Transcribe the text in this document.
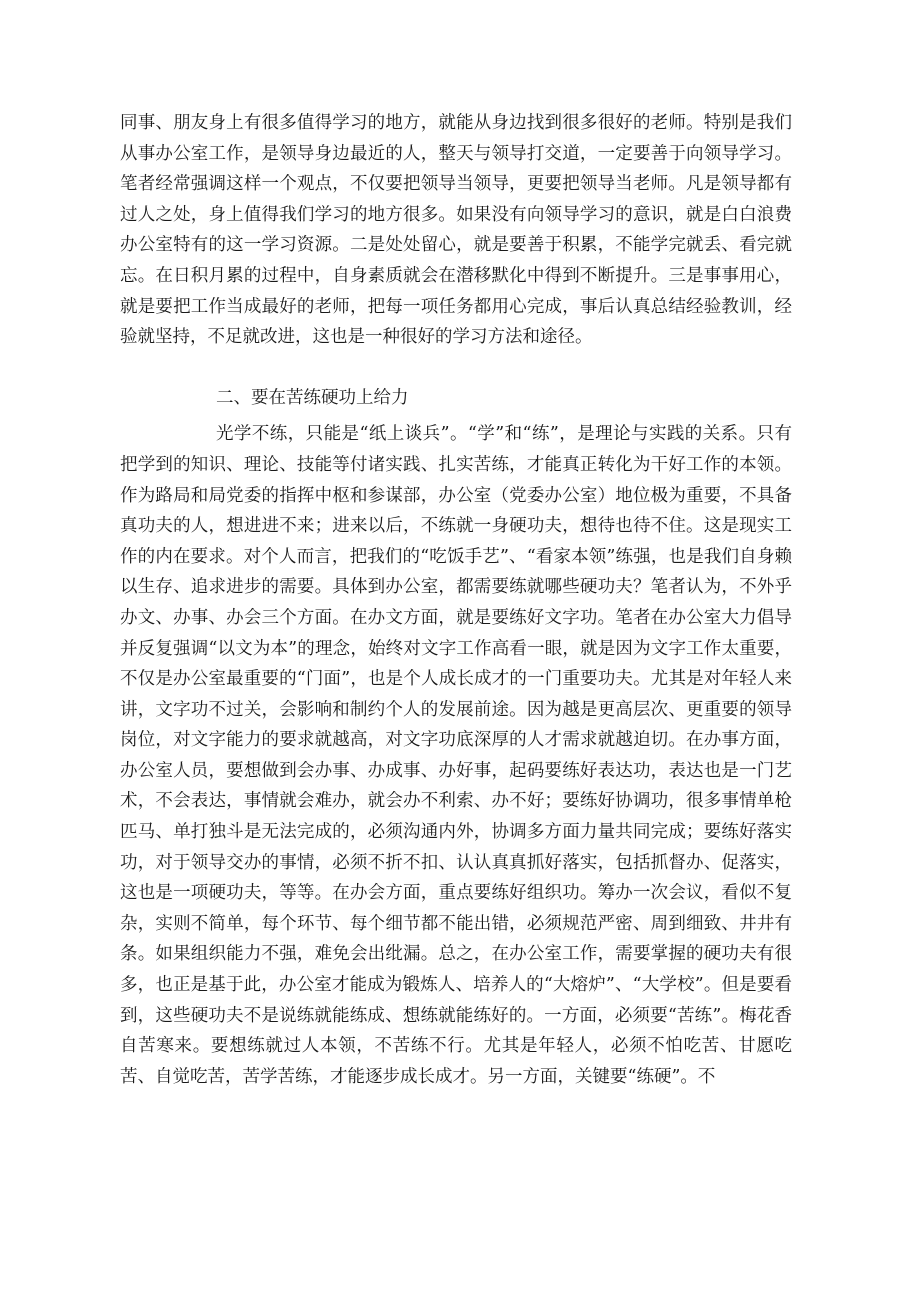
同事、朋友身上有很多值得学习的地方，就能从身边找到很多很好的老师。特别是我们从事办公室工作，是领导身边最近的人，整天与领导打交道，一定要善于向领导学习。笔者经常强调这样一个观点，不仅要把领导当领导，更要把领导当老师。凡是领导都有过人之处，身上值得我们学习的地方很多。如果没有向领导学习的意识，就是白白浪费办公室特有的这一学习资源。二是处处留心，就是要善于积累，不能学完就丢、看完就忘。在日积月累的过程中，自身素质就会在潜移默化中得到不断提升。三是事事用心，就是要把工作当成最好的老师，把每一项任务都用心完成，事后认真总结经验教训，经验就坚持，不足就改进，这也是一种很好的学习方法和途径。

二、要在苦练硬功上给力

光学不练，只能是“纸上谈兵”。“学”和“练”，是理论与实践的关系。只有把学到的知识、理论、技能等付诸实践、扎实苦练，才能真正转化为干好工作的本领。作为路局和局党委的指挥中枢和参谋部，办公室（党委办公室）地位极为重要，不具备真功夫的人，想进进不来；进来以后，不练就一身硬功夫，想待也待不住。这是现实工作的内在要求。对个人而言，把我们的“吃饭手艺”、“看家本领”练强，也是我们自身赖以生存、追求进步的需要。具体到办公室，都需要练就哪些硬功夫？笔者认为，不外乎办文、办事、办会三个方面。在办文方面，就是要练好文字功。笔者在办公室大力倡导并反复强调“以文为本”的理念，始终对文字工作高看一眼，就是因为文字工作太重要，不仅是办公室最重要的“门面”，也是个人成长成才的一门重要功夫。尤其是对年轻人来讲，文字功不过关，会影响和制约个人的发展前途。因为越是更高层次、更重要的领导岗位，对文字能力的要求就越高，对文字功底深厚的人才需求就越迫切。在办事方面，办公室人员，要想做到会办事、办成事、办好事，起码要练好表达功，表达也是一门艺术，不会表达，事情就会难办，就会办不利索、办不好；要练好协调功，很多事情单枪匹马、单打独斗是无法完成的，必须沟通内外，协调多方面力量共同完成；要练好落实功，对于领导交办的事情，必须不折不扣、认认真真抓好落实，包括抓督办、促落实，这也是一项硬功夫，等等。在办会方面，重点要练好组织功。筹办一次会议，看似不复杂，实则不简单，每个环节、每个细节都不能出错，必须规范严密、周到细致、井井有条。如果组织能力不强，难免会出纰漏。总之，在办公室工作，需要掌握的硬功夫有很多，也正是基于此，办公室才能成为锻炼人、培养人的“大熔炉”、“大学校”。但是要看到，这些硬功夫不是说练就能练成、想练就能练好的。一方面，必须要“苦练”。梅花香自苦寒来。要想练就过人本领，不苦练不行。尤其是年轻人，必须不怕吃苦、甘愿吃苦、自觉吃苦，苦学苦练，才能逐步成长成才。另一方面，关键要“练硬”。不
